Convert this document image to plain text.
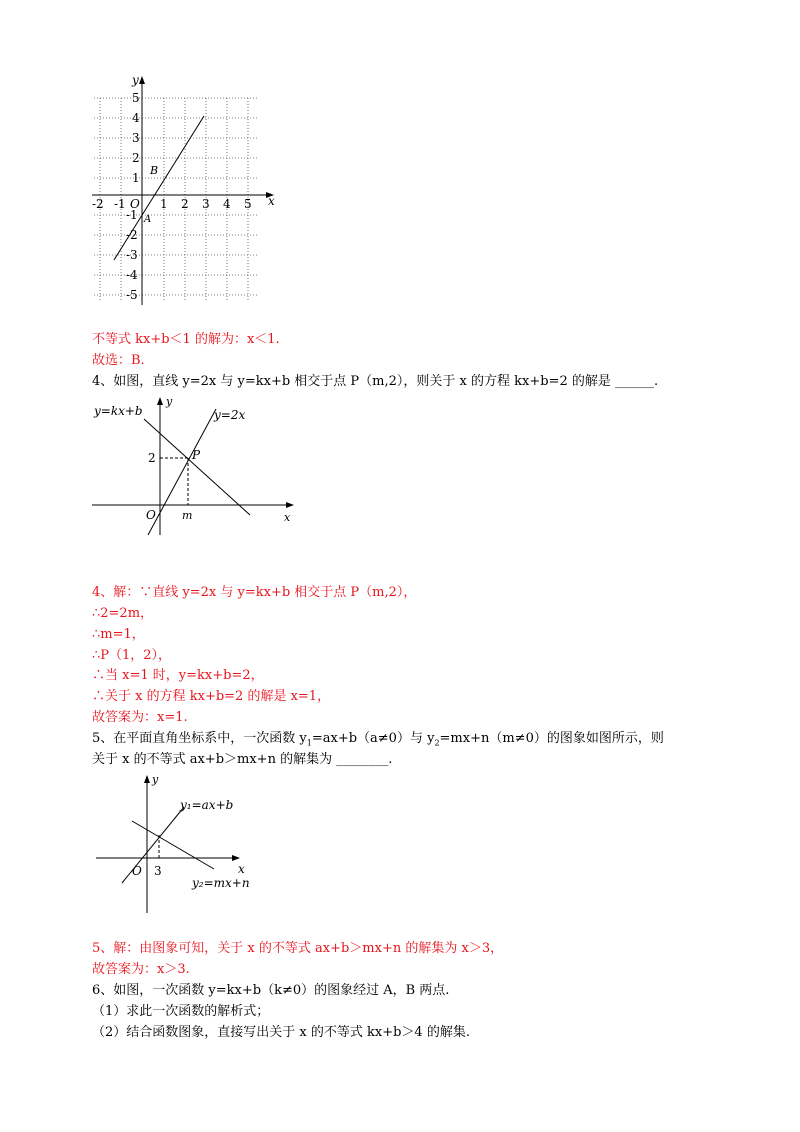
x
y
O
B
A
-2 -1	1 2 3 4 5
5
4
3
2
1
-1
-2
-3
-4
-5
不等式 kx+b＜1 的解为：x＜1.
故选：B.
4、如图，直线 y=2x 与 y=kx+b 相交于点 P（m,2），则关于 x 的方程 kx+b=2 的解是 ______.
y=kx+b	y=2x
y
x
O
P
2
m
4、解：∵直线 y=2x 与 y=kx+b 相交于点 P（m,2），
∴2=2m，
∴m=1，
∴P（1，2），
∴当 x=1 时，y=kx+b=2，
∴关于 x 的方程 kx+b=2 的解是 x=1，
故答案为：x=1.
5、在平面直角坐标系中，一次函数 $y_1=ax+b(a\ne 0)$与 $y_2=mx+n(m\ne 0)$的图象如图所示，则
关于 x 的不等式 ax+b＞mx+n 的解集为 ________.
y₁=ax+b
y₂=mx+n
y
x
O 3
5、解：由图象可知，关于 x 的不等式 ax+b＞mx+n 的解集为 x＞3，
故答案为：x＞3.
6、如图，一次函数 y=kx+b（k≠0）的图象经过 A，B 两点.
（1）求此一次函数的解析式；
（2）结合函数图象，直接写出关于 x 的不等式 kx+b＞4 的解集.
